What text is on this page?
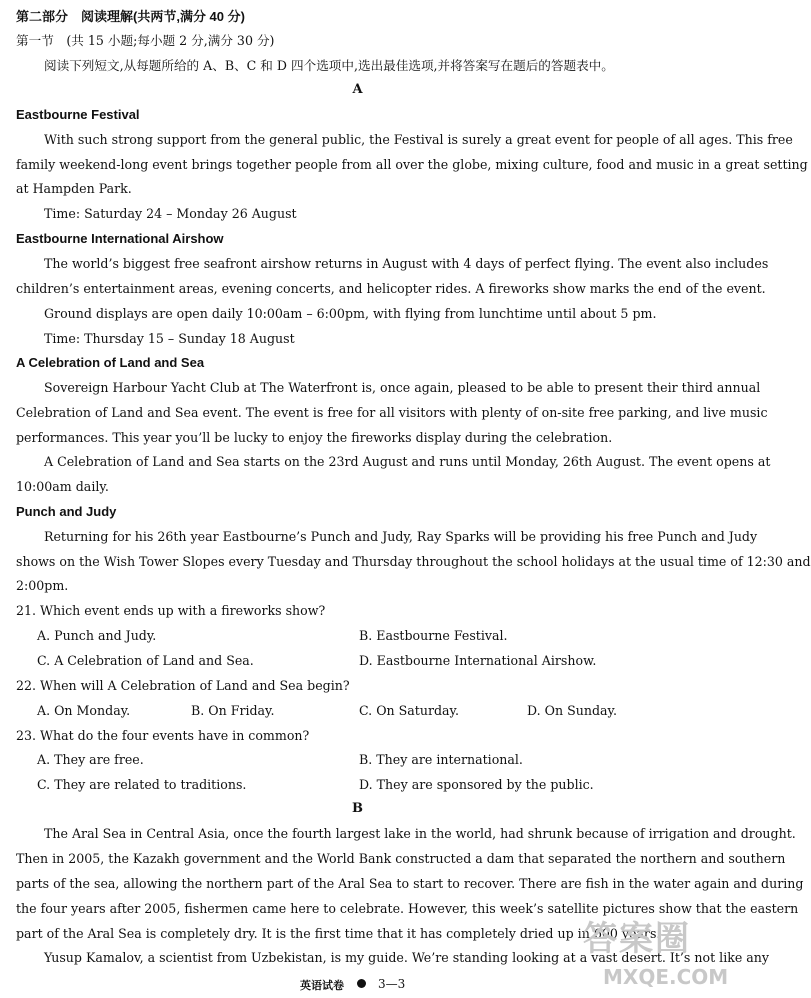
第二部分　阅读理解(共两节,满分 40 分)
第一节　(共 15 小题;每小题 2 分,满分 30 分)
阅读下列短文,从每题所给的 A、B、C 和 D 四个选项中,选出最佳选项,并将答案写在题后的答题表中。
A
Eastbourne Festival
With such strong support from the general public, the Festival is surely a great event for people of all ages. This free
family weekend-long event brings together people from all over the globe, mixing culture, food and music in a great setting
at Hampden Park.
Time: Saturday 24 – Monday 26 August
Eastbourne International Airshow
The world’s biggest free seafront airshow returns in August with 4 days of perfect flying. The event also includes
children’s entertainment areas, evening concerts, and helicopter rides. A fireworks show marks the end of the event.
Ground displays are open daily 10:00am – 6:00pm, with flying from lunchtime until about 5 pm.
Time: Thursday 15 – Sunday 18 August
A Celebration of Land and Sea
Sovereign Harbour Yacht Club at The Waterfront is, once again, pleased to be able to present their third annual
Celebration of Land and Sea event. The event is free for all visitors with plenty of on-site free parking, and live music
performances. This year you’ll be lucky to enjoy the fireworks display during the celebration.
A Celebration of Land and Sea starts on the 23rd August and runs until Monday, 26th August. The event opens at
10:00am daily.
Punch and Judy
Returning for his 26th year Eastbourne’s Punch and Judy, Ray Sparks will be providing his free Punch and Judy
shows on the Wish Tower Slopes every Tuesday and Thursday throughout the school holidays at the usual time of 12:30 and
2:00pm.
21. Which event ends up with a fireworks show?
A. Punch and Judy.	B. Eastbourne Festival.
C. A Celebration of Land and Sea.	D. Eastbourne International Airshow.
22. When will A Celebration of Land and Sea begin?
A. On Monday.	B. On Friday.	C. On Saturday.	D. On Sunday.
23. What do the four events have in common?
A. They are free.	B. They are international.
C. They are related to traditions.	D. They are sponsored by the public.
B
The Aral Sea in Central Asia, once the fourth largest lake in the world, had shrunk because of irrigation and drought.
Then in 2005, the Kazakh government and the World Bank constructed a dam that separated the northern and southern
parts of the sea, allowing the northern part of the Aral Sea to start to recover. There are fish in the water again and during
the four years after 2005, fishermen came here to celebrate. However, this week’s satellite pictures show that the eastern
part of the Aral Sea is completely dry. It is the first time that it has completely dried up in 600 years.
Yusup Kamalov, a scientist from Uzbekistan, is my guide. We’re standing looking at a vast desert. It’s not like any
答案圈
MXQE.COM
英语试卷	3—3
